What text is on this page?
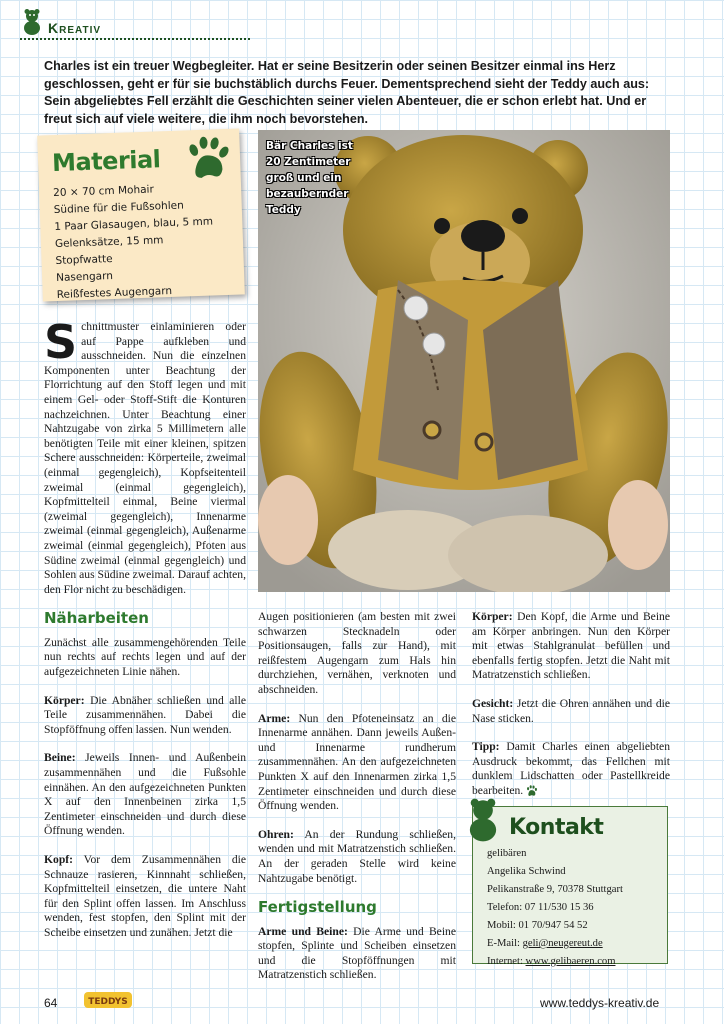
Kreativ
Charles ist ein treuer Wegbegleiter. Hat er seine Besitzerin oder seinen Besitzer einmal ins Herz geschlossen, geht er für sie buchstäblich durchs Feuer. Dementsprechend sieht der Teddy auch aus: Sein abgeliebtes Fell erzählt die Geschichten seiner vielen Abenteuer, die er schon erlebt hat. Und er freut sich auf viele weitere, die ihm noch bevorstehen.
Material
20 × 70 cm Mohair
Südine für die Fußsohlen
1 Paar Glasaugen, blau, 5 mm
Gelenksätze, 15 mm
Stopfwatte
Nasengarn
Reißfestes Augengarn
Bär Charles ist 20 Zentimeter groß und ein bezaubernder Teddy

Schnittmuster einlaminieren oder auf Pappe aufkleben und ausschneiden. Nun die einzelnen Komponenten unter Beachtung der Florrichtung auf den Stoff legen und mit einem Gel- oder Stoff-Stift die Konturen nachzeichnen. Unter Beachtung einer Nahtzugabe von zirka 5 Millimetern alle benötigten Teile mit einer kleinen, spitzen Schere ausschneiden: Körperteile, zweimal (einmal gegengleich), Kopfseitenteil zweimal (einmal gegengleich), Kopfmittelteil einmal, Beine viermal (zweimal gegengleich), Innenarme zweimal (einmal gegengleich), Außenarme zweimal (einmal gegengleich), Pfoten aus Südine zweimal (einmal gegengleich) und Sohlen aus Südine zweimal. Darauf achten, den Flor nicht zu beschädigen.

Näharbeiten

Zunächst alle zusammengehörenden Teile nun rechts auf rechts legen und auf der aufgezeichneten Linie nähen.

Körper: Die Abnäher schließen und alle Teile zusammennähen. Dabei die Stopföffnung offen lassen. Nun wenden.

Beine: Jeweils Innen- und Außenbein zusammennähen und die Fußsohle einnähen. An den aufgezeichneten Punkten X auf den Innenbeinen zirka 1,5 Zentimeter einschneiden und durch diese Öffnung wenden.

Kopf: Vor dem Zusammennähen die Schnauze rasieren, Kinnnaht schließen, Kopfmittelteil einsetzen, die untere Naht für den Splint offen lassen. Im Anschluss wenden, fest stopfen, den Splint mit der Scheibe einsetzen und zunähen. Jetzt die

Augen positionieren (am besten mit zwei schwarzen Stecknadeln oder Positionsaugen, falls zur Hand), mit reißfestem Augengarn zum Hals hin durchziehen, vernähen, verknoten und abschneiden.

Arme: Nun den Pfoteneinsatz an die Innenarme annähen. Dann jeweils Außen- und Innenarme rundherum zusammennähen. An den aufgezeichneten Punkten X auf den Innenarmen zirka 1,5 Zentimeter einschneiden und durch diese Öffnung wenden.

Ohren: An der Rundung schließen, wenden und mit Matratzenstich schließen. An der geraden Stelle wird keine Nahtzugabe benötigt.

Fertigstellung

Arme und Beine: Die Arme und Beine stopfen, Splinte und Scheiben einsetzen und die Stopföffnungen mit Matratzenstich schließen.

Körper: Den Kopf, die Arme und Beine am Körper anbringen. Nun den Körper mit etwas Stahlgranulat befüllen und ebenfalls fertig stopfen. Jetzt die Naht mit Matratzenstich schließen.

Gesicht: Jetzt die Ohren annähen und die Nase sticken.

Tipp: Damit Charles einen abgeliebten Ausdruck bekommt, das Fellchen mit dunklem Lidschatten oder Pastellkreide bearbeiten.

Kontakt
gelibären
Angelika Schwind
Pelikanstraße 9, 70378 Stuttgart
Telefon: 07 11/530 15 36
Mobil: 01 70/947 54 52
E-Mail: geli@neugereut.de
Internet: www.gelibaeren.com
64	TEDDYS	www.teddys-kreativ.de
